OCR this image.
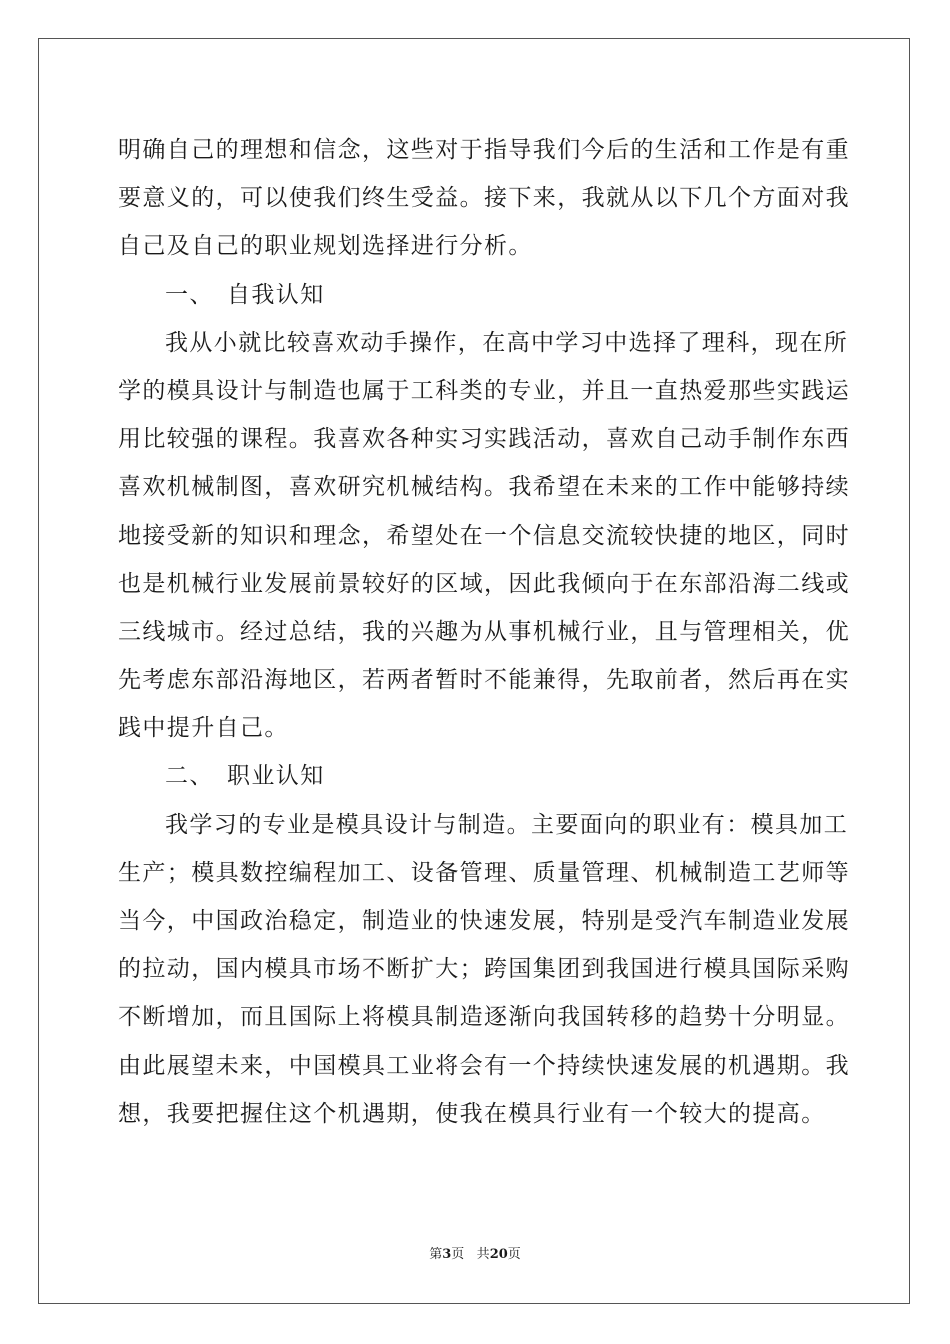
明确自己的理想和信念，这些对于指导我们今后的生活和工作是有重
要意义的，可以使我们终生受益。接下来，我就从以下几个方面对我
自己及自己的职业规划选择进行分析。
一、 自我认知
我从小就比较喜欢动手操作，在高中学习中选择了理科，现在所
学的模具设计与制造也属于工科类的专业，并且一直热爱那些实践运
用比较强的课程。我喜欢各种实习实践活动，喜欢自己动手制作东西
喜欢机械制图，喜欢研究机械结构。我希望在未来的工作中能够持续
地接受新的知识和理念，希望处在一个信息交流较快捷的地区，同时
也是机械行业发展前景较好的区域，因此我倾向于在东部沿海二线或
三线城市。经过总结，我的兴趣为从事机械行业，且与管理相关，优
先考虑东部沿海地区，若两者暂时不能兼得，先取前者，然后再在实
践中提升自己。
二、 职业认知
我学习的专业是模具设计与制造。主要面向的职业有：模具加工
生产；模具数控编程加工、设备管理、质量管理、机械制造工艺师等
当今，中国政治稳定，制造业的快速发展，特别是受汽车制造业发展
的拉动，国内模具市场不断扩大；跨国集团到我国进行模具国际采购
不断增加，而且国际上将模具制造逐渐向我国转移的趋势十分明显。
由此展望未来，中国模具工业将会有一个持续快速发展的机遇期。我
想，我要把握住这个机遇期，使我在模具行业有一个较大的提高。
第3页 共20页
